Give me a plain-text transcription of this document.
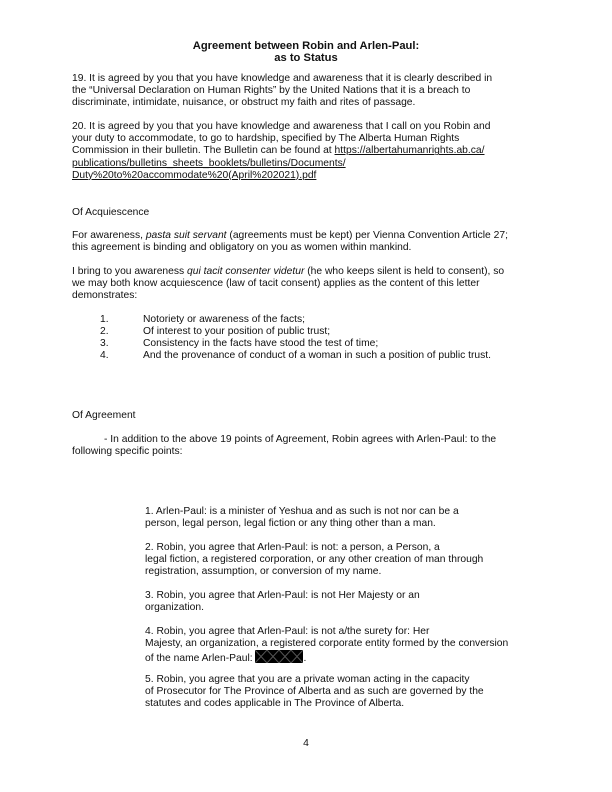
Agreement between Robin and Arlen-Paul:
as to Status

19. It is agreed by you that you have knowledge and awareness that it is clearly described in

the “Universal Declaration on Human Rights” by the United Nations that it is a breach to

discriminate, intimidate, nuisance, or obstruct my faith and rites of passage.

20. It is agreed by you that you have knowledge and awareness that I call on you Robin and

your duty to accommodate, to go to hardship, specified by The Alberta Human Rights

Commission in their bulletin. The Bulletin can be found at https://albertahumanrights.ab.ca/

publications/bulletins_sheets_booklets/bulletins/Documents/

Duty%20to%20accommodate%20(April%202021).pdf

Of Acquiescence

For awareness, pasta suit servant (agreements must be kept) per Vienna Convention Article 27;

this agreement is binding and obligatory on you as women within mankind.

I bring to you awareness qui tacit consenter videtur (he who keeps silent is held to consent), so

we may both know acquiescence (law of tacit consent) applies as the content of this letter

demonstrates:

1.	Notoriety or awareness of the facts;
2.	Of interest to your position of public trust;
3.	Consistency in the facts have stood the test of time;
4.	And the provenance of conduct of a woman in such a position of public trust.
Of Agreement

- In addition to the above 19 points of Agreement, Robin agrees with Arlen-Paul: to the

following specific points:

1. Arlen-Paul: is a minister of Yeshua and as such is not nor can be a

person, legal person, legal fiction or any thing other than a man.

2. Robin, you agree that Arlen-Paul: is not: a person, a Person, a

legal fiction, a registered corporation, or any other creation of man through

registration, assumption, or conversion of my name.

3. Robin, you agree that Arlen-Paul: is not Her Majesty or an

organization.

4. Robin, you agree that Arlen-Paul: is not a/the surety for: Her

Majesty, an organization, a registered corporate entity formed by the conversion

of the name Arlen-Paul:	.

5. Robin, you agree that you are a private woman acting in the capacity

of Prosecutor for The Province of Alberta and as such are governed by the

statutes and codes applicable in The Province of Alberta.

4
